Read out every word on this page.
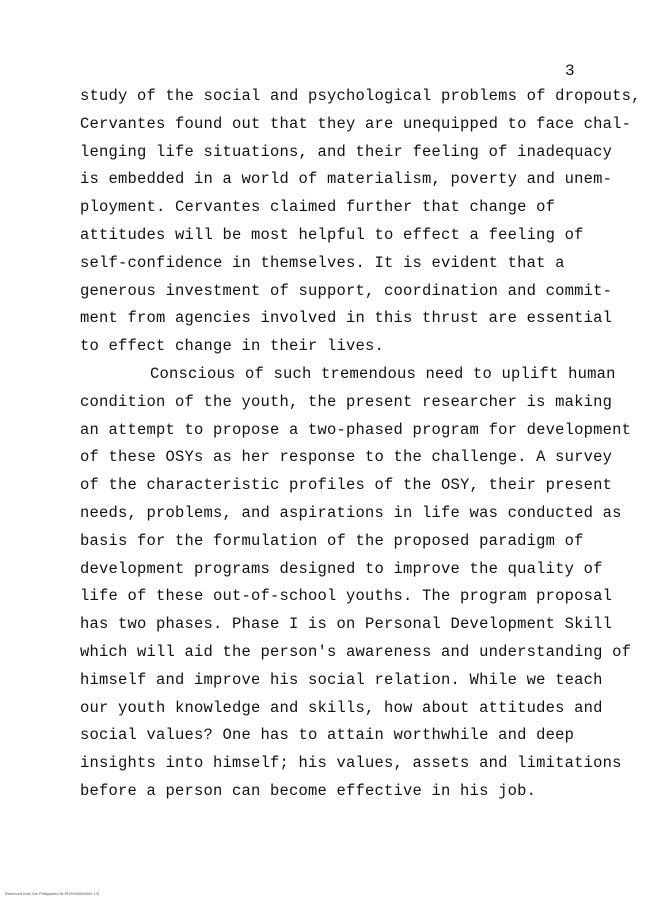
3
study of the social and psychological problems of dropouts,
Cervantes found out that they are unequipped to face chal-
lenging life situations, and their feeling of inadequacy
is embedded in a world of materialism, poverty and unem-
ployment. Cervantes claimed further that change of
attitudes will be most helpful to effect a feeling of
self-confidence in themselves. It is evident that a
generous investment of support, coordination and commit-
ment from agencies involved in this thrust are essential
to effect change in their lives.
Conscious of such tremendous need to uplift human
condition of the youth, the present researcher is making
an attempt to propose a two-phased program for development
of these OSYs as her response to the challenge. A survey
of the characteristic profiles of the OSY, their present
needs, problems, and aspirations in life was conducted as
basis for the formulation of the proposed paradigm of
development programs designed to improve the quality of
life of these out-of-school youths. The program proposal
has two phases. Phase I is on Personal Development Skill
which will aid the person's awareness and understanding of
himself and improve his social relation. While we teach
our youth knowledge and skills, how about attitudes and
social values? One has to attain worthwhile and deep
insights into himself; his values, assets and limitations
before a person can become effective in his job.
Retrieved from the Philippines NLPD0000000000 1/3
